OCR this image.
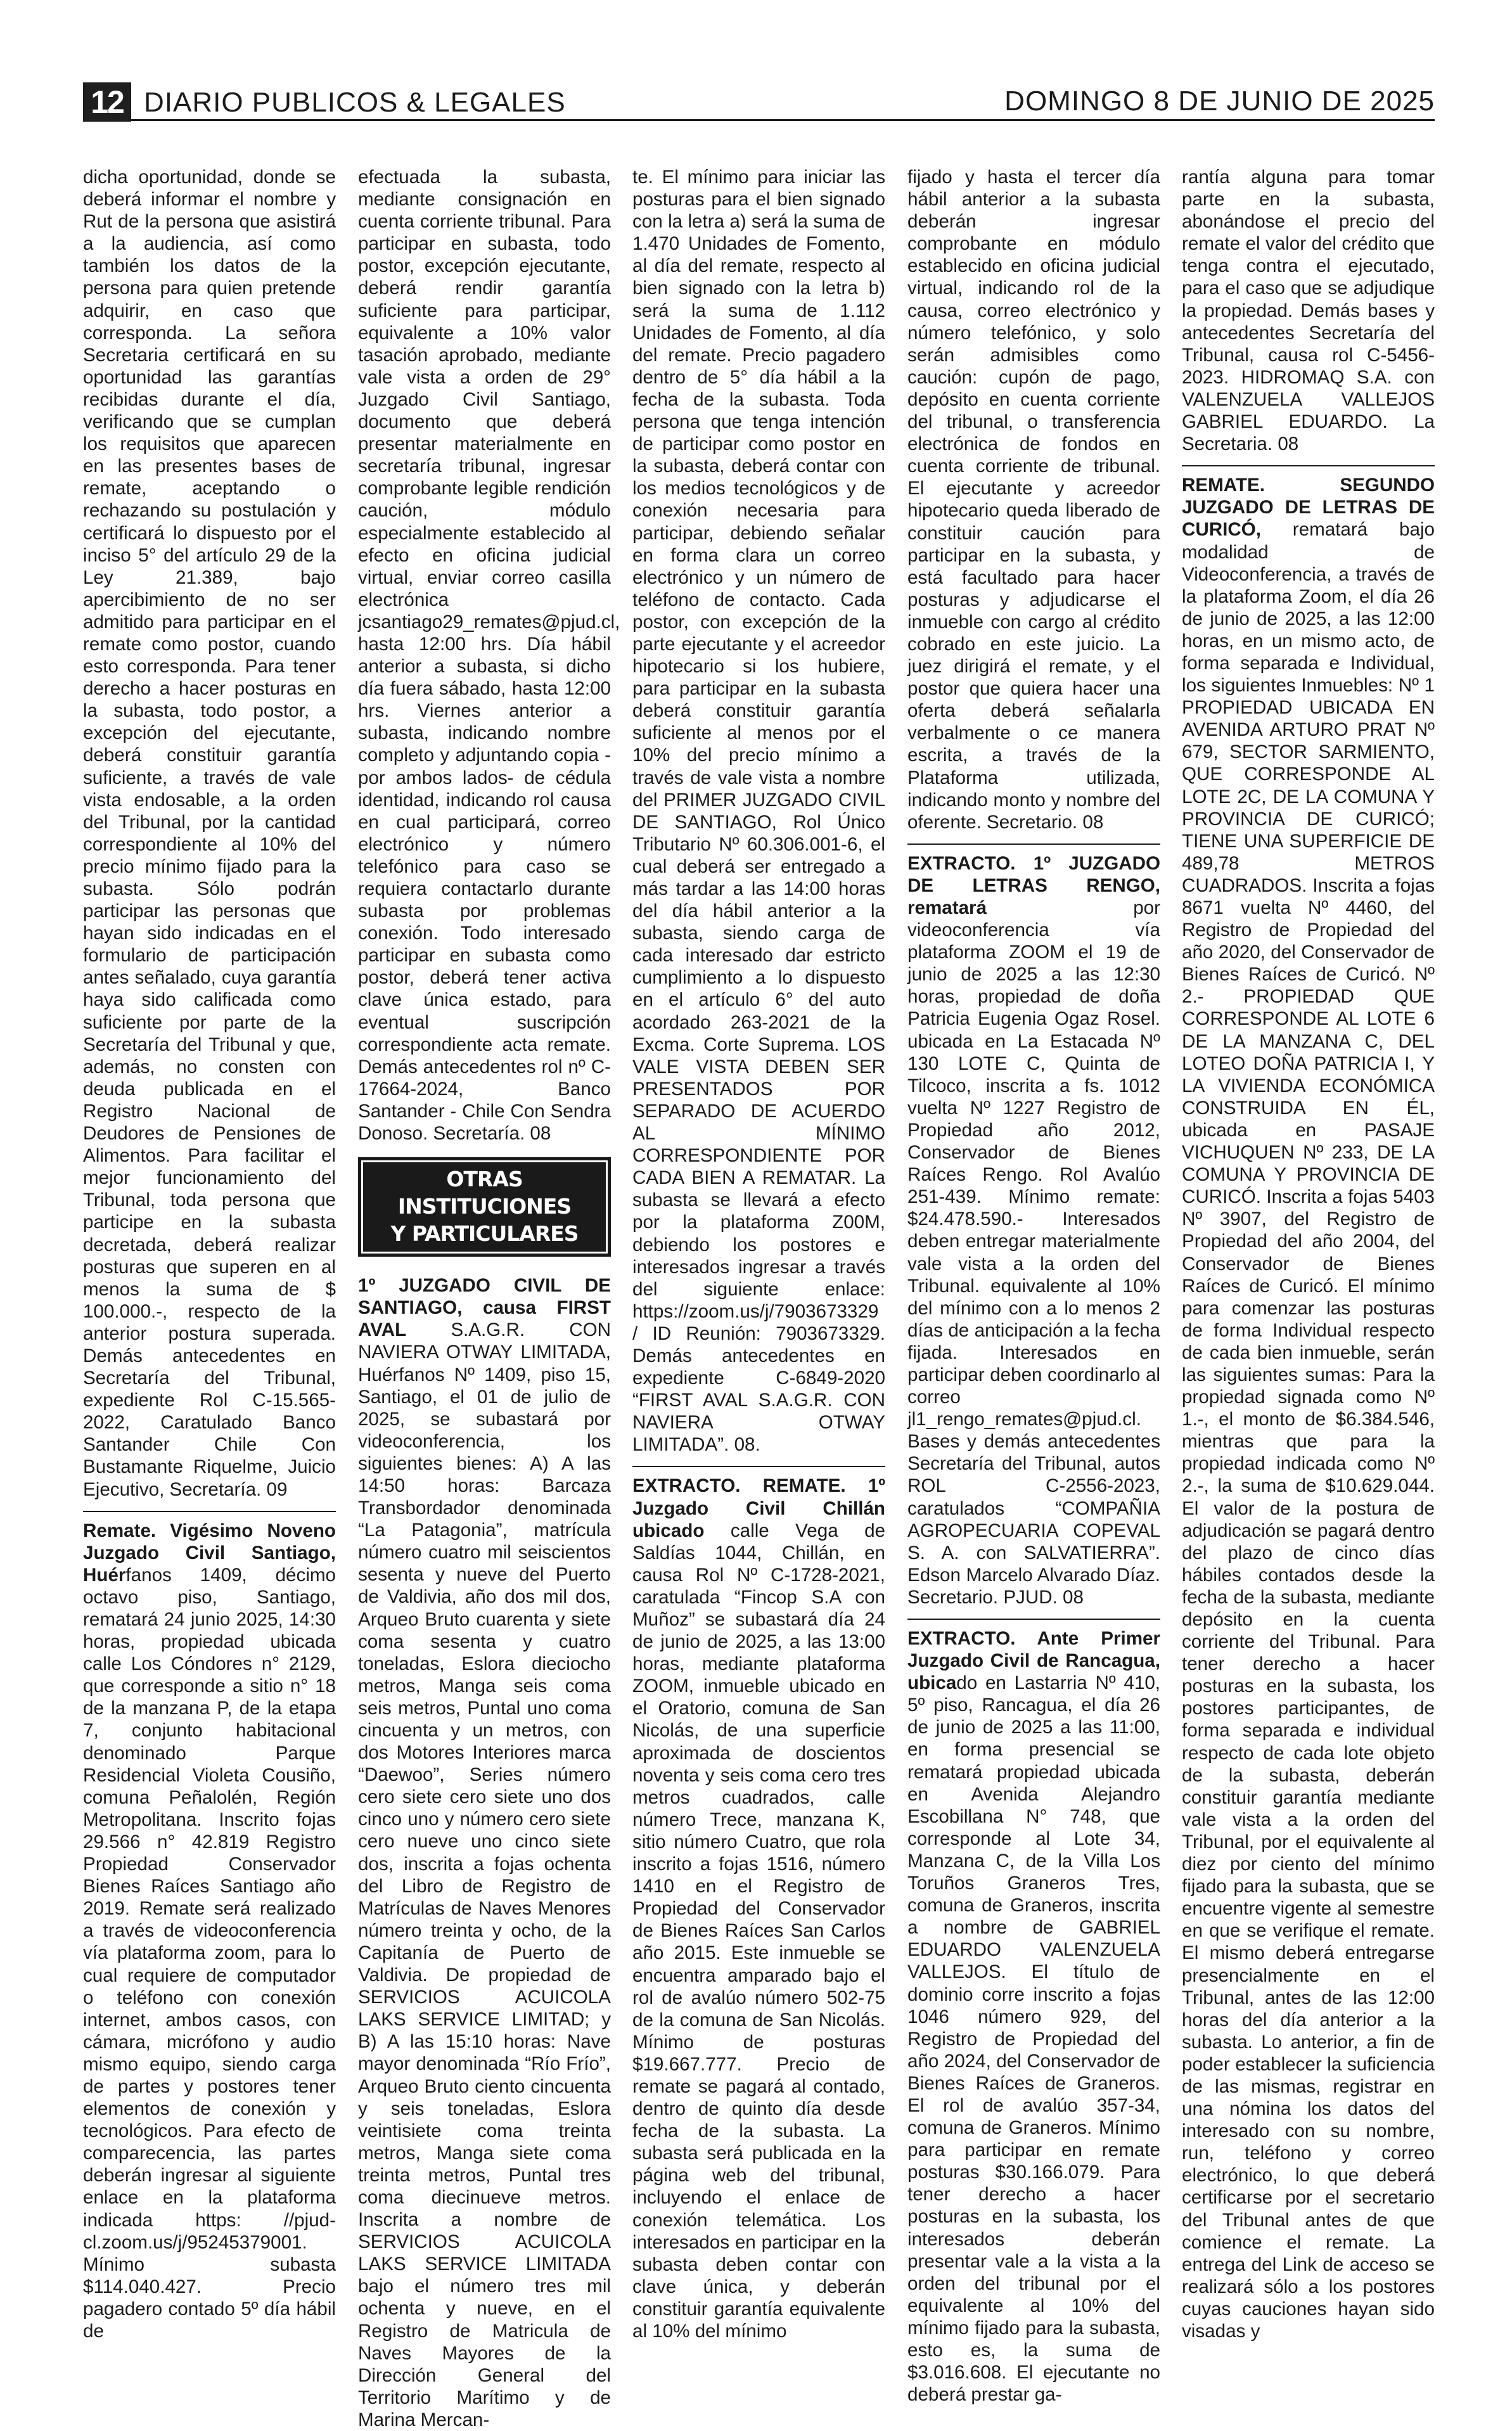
12 DIARIO PUBLICOS & LEGALES	DOMINGO 8 DE JUNIO DE 2025

dicha oportunidad, donde se deberá informar el nombre y Rut de la persona que asistirá a la audiencia, así como también los datos de la persona para quien pretende adquirir, en caso que corresponda. La señora Secretaria certificará en su oportunidad las garantías recibidas durante el día, verificando que se cumplan los requisitos que aparecen en las presentes bases de remate, aceptando o rechazando su postulación y certificará lo dispuesto por el inciso 5° del artículo 29 de la Ley 21.389, bajo apercibimiento de no ser admitido para participar en el remate como postor, cuando esto corresponda. Para tener derecho a hacer posturas en la subasta, todo postor, a excepción del ejecutante, deberá constituir garantía suficiente, a través de vale vista endosable, a la orden del Tribunal, por la cantidad correspondiente al 10% del precio mínimo fijado para la subasta. Sólo podrán participar las personas que hayan sido indicadas en el formulario de participación antes señalado, cuya garantía haya sido calificada como suficiente por parte de la Secretaría del Tribunal y que, además, no consten con deuda publicada en el Registro Nacional de Deudores de Pensiones de Alimentos. Para facilitar el mejor funcionamiento del Tribunal, toda persona que participe en la subasta decretada, deberá realizar posturas que superen en al menos la suma de $ 100.000.-, respecto de la anterior postura superada. Demás antecedentes en Secretaría del Tribunal, expediente Rol C-15.565-2022, Caratulado Banco Santander Chile Con Bustamante Riquelme, Juicio Ejecutivo, Secretaría. 09

Remate. Vigésimo Noveno Juzgado Civil Santiago, Huérfanos 1409, décimo octavo piso, Santiago, rematará 24 junio 2025, 14:30 horas, propiedad ubicada calle Los Cóndores n° 2129, que corresponde a sitio n° 18 de la manzana P, de la etapa 7, conjunto habitacional denominado Parque Residencial Violeta Cousiño, comuna Peñalolén, Región Metropolitana. Inscrito fojas 29.566 n° 42.819 Registro Propiedad Conservador Bienes Raíces Santiago año 2019. Remate será realizado a través de videoconferencia vía plataforma zoom, para lo cual requiere de computador o teléfono con conexión internet, ambos casos, con cámara, micrófono y audio mismo equipo, siendo carga de partes y postores tener elementos de conexión y tecnológicos. Para efecto de comparecencia, las partes deberán ingresar al siguiente enlace en la plataforma indicada https: //pjud-cl.zoom.us/j/95245379001. Mínimo subasta $114.040.427. Precio pagadero contado 5º día hábil de

efectuada la subasta, mediante consignación en cuenta corriente tribunal. Para participar en subasta, todo postor, excepción ejecutante, deberá rendir garantía suficiente para participar, equivalente a 10% valor tasación aprobado, mediante vale vista a orden de 29° Juzgado Civil Santiago, documento que deberá presentar materialmente en secretaría tribunal, ingresar comprobante legible rendición caución, módulo especialmente establecido al efecto en oficina judicial virtual, enviar correo casilla electrónica jcsantiago29_remates@pjud.cl, hasta 12:00 hrs. Día hábil anterior a subasta, si dicho día fuera sábado, hasta 12:00 hrs. Viernes anterior a subasta, indicando nombre completo y adjuntando copia -por ambos lados- de cédula identidad, indicando rol causa en cual participará, correo electrónico y número telefónico para caso se requiera contactarlo durante subasta por problemas conexión. Todo interesado participar en subasta como postor, deberá tener activa clave única estado, para eventual suscripción correspondiente acta remate. Demás antecedentes rol nº C-17664-2024, Banco Santander - Chile Con Sendra Donoso. Secretaría. 08

OTRAS INSTITUCIONES
Y PARTICULARES

1º JUZGADO CIVIL DE SANTIAGO, causa FIRST AVAL S.A.G.R. CON NAVIERA OTWAY LIMITADA, Huérfanos Nº 1409, piso 15, Santiago, el 01 de julio de 2025, se subastará por videoconferencia, los siguientes bienes: A) A las 14:50 horas: Barcaza Transbordador denominada “La Patagonia”, matrícula número cuatro mil seiscientos sesenta y nueve del Puerto de Valdivia, año dos mil dos, Arqueo Bruto cuarenta y siete coma sesenta y cuatro toneladas, Eslora dieciocho metros, Manga seis coma seis metros, Puntal uno coma cincuenta y un metros, con dos Motores Interiores marca “Daewoo”, Series número cero siete cero siete uno dos cinco uno y número cero siete cero nueve uno cinco siete dos, inscrita a fojas ochenta del Libro de Registro de Matrículas de Naves Menores número treinta y ocho, de la Capitanía de Puerto de Valdivia. De propiedad de SERVICIOS ACUICOLA LAKS SERVICE LIMITAD; y B) A las 15:10 horas: Nave mayor denominada “Río Frío”, Arqueo Bruto ciento cincuenta y seis toneladas, Eslora veintisiete coma treinta metros, Manga siete coma treinta metros, Puntal tres coma diecinueve metros. Inscrita a nombre de SERVICIOS ACUICOLA LAKS SERVICE LIMITADA bajo el número tres mil ochenta y nueve, en el Registro de Matricula de Naves Mayores de la Dirección General del Territorio Marítimo y de Marina Mercan-

te. El mínimo para iniciar las posturas para el bien signado con la letra a) será la suma de 1.470 Unidades de Fomento, al día del remate, respecto al bien signado con la letra b) será la suma de 1.112 Unidades de Fomento, al día del remate. Precio pagadero dentro de 5° día hábil a la fecha de la subasta. Toda persona que tenga intención de participar como postor en la subasta, deberá contar con los medios tecnológicos y de conexión necesaria para participar, debiendo señalar en forma clara un correo electrónico y un número de teléfono de contacto. Cada postor, con excepción de la parte ejecutante y el acreedor hipotecario si los hubiere, para participar en la subasta deberá constituir garantía suficiente al menos por el 10% del precio mínimo a través de vale vista a nombre del PRIMER JUZGADO CIVIL DE SANTIAGO, Rol Único Tributario Nº 60.306.001-6, el cual deberá ser entregado a más tardar a las 14:00 horas del día hábil anterior a la subasta, siendo carga de cada interesado dar estricto cumplimiento a lo dispuesto en el artículo 6° del auto acordado 263-2021 de la Excma. Corte Suprema. LOS VALE VISTA DEBEN SER PRESENTADOS POR SEPARADO DE ACUERDO AL MÍNIMO CORRESPONDIENTE POR CADA BIEN A REMATAR. La subasta se llevará a efecto por la plataforma Z00M, debiendo los postores e interesados ingresar a través del siguiente enlace: https://zoom.us/j/7903673329 / ID Reunión: 7903673329. Demás antecedentes en expediente C-6849-2020 “FIRST AVAL S.A.G.R. CON NAVIERA OTWAY LIMITADA”. 08.

EXTRACTO. REMATE. 1º Juzgado Civil Chillán ubicado calle Vega de Saldías 1044, Chillán, en causa Rol Nº C-1728-2021, caratulada “Fincop S.A con Muñoz” se subastará día 24 de junio de 2025, a las 13:00 horas, mediante plataforma ZOOM, inmueble ubicado en el Oratorio, comuna de San Nicolás, de una superficie aproximada de doscientos noventa y seis coma cero tres metros cuadrados, calle número Trece, manzana K, sitio número Cuatro, que rola inscrito a fojas 1516, número 1410 en el Registro de Propiedad del Conservador de Bienes Raíces San Carlos año 2015. Este inmueble se encuentra amparado bajo el rol de avalúo número 502-75 de la comuna de San Nicolás. Mínimo de posturas $19.667.777. Precio de remate se pagará al contado, dentro de quinto día desde fecha de la subasta. La subasta será publicada en la página web del tribunal, incluyendo el enlace de conexión telemática. Los interesados en participar en la subasta deben contar con clave única, y deberán constituir garantía equivalente al 10% del mínimo

fijado y hasta el tercer día hábil anterior a la subasta deberán ingresar comprobante en módulo establecido en oficina judicial virtual, indicando rol de la causa, correo electrónico y número telefónico, y solo serán admisibles como caución: cupón de pago, depósito en cuenta corriente del tribunal, o transferencia electrónica de fondos en cuenta corriente de tribunal. El ejecutante y acreedor hipotecario queda liberado de constituir caución para participar en la subasta, y está facultado para hacer posturas y adjudicarse el inmueble con cargo al crédito cobrado en este juicio. La juez dirigirá el remate, y el postor que quiera hacer una oferta deberá señalarla verbalmente o ce manera escrita, a través de la Plataforma utilizada, indicando monto y nombre del oferente. Secretario. 08

EXTRACTO. 1º JUZGADO DE LETRAS RENGO, rematará por videoconferencia vía plataforma ZOOM el 19 de junio de 2025 a las 12:30 horas, propiedad de doña Patricia Eugenia Ogaz Rosel. ubicada en La Estacada Nº 130 LOTE C, Quinta de Tilcoco, inscrita a fs. 1012 vuelta Nº 1227 Registro de Propiedad año 2012, Conservador de Bienes Raíces Rengo. Rol Avalúo 251-439. Mínimo remate: $24.478.590.- Interesados deben entregar materialmente vale vista a la orden del Tribunal. equivalente al 10% del mínimo con a lo menos 2 días de anticipación a la fecha fijada. Interesados en participar deben coordinarlo al correo jl1_rengo_remates@pjud.cl. Bases y demás antecedentes Secretaría del Tribunal, autos ROL C-2556-2023, caratulados “COMPAÑIA AGROPECUARIA COPEVAL S. A. con SALVATIERRA”. Edson Marcelo Alvarado Díaz. Secretario. PJUD. 08

EXTRACTO. Ante Primer Juzgado Civil de Rancagua, ubicado en Lastarria Nº 410, 5º piso, Rancagua, el día 26 de junio de 2025 a las 11:00, en forma presencial se rematará propiedad ubicada en Avenida Alejandro Escobillana N° 748, que corresponde al Lote 34, Manzana C, de la Villa Los Toruños Graneros Tres, comuna de Graneros, inscrita a nombre de GABRIEL EDUARDO VALENZUELA VALLEJOS. El título de dominio corre inscrito a fojas 1046 número 929, del Registro de Propiedad del año 2024, del Conservador de Bienes Raíces de Graneros. El rol de avalúo 357-34, comuna de Graneros. Mínimo para participar en remate posturas $30.166.079. Para tener derecho a hacer posturas en la subasta, los interesados deberán presentar vale a la vista a la orden del tribunal por el equivalente al 10% del mínimo fijado para la subasta, esto es, la suma de $3.016.608. El ejecutante no deberá prestar ga-

rantía alguna para tomar parte en la subasta, abonándose el precio del remate el valor del crédito que tenga contra el ejecutado, para el caso que se adjudique la propiedad. Demás bases y antecedentes Secretaría del Tribunal, causa rol C-5456-2023. HIDROMAQ S.A. con VALENZUELA VALLEJOS GABRIEL EDUARDO. La Secretaria. 08

REMATE. SEGUNDO JUZGADO DE LETRAS DE CURICÓ, rematará bajo modalidad de Videoconferencia, a través de la plataforma Zoom, el día 26 de junio de 2025, a las 12:00 horas, en un mismo acto, de forma separada e Individual, los siguientes Inmuebles: Nº 1 PROPIEDAD UBICADA EN AVENIDA ARTURO PRAT Nº 679, SECTOR SARMIENTO, QUE CORRESPONDE AL LOTE 2C, DE LA COMUNA Y PROVINCIA DE CURICÓ; TIENE UNA SUPERFICIE DE 489,78 METROS CUADRADOS. Inscrita a fojas 8671 vuelta Nº 4460, del Registro de Propiedad del año 2020, del Conservador de Bienes Raíces de Curicó. Nº 2.- PROPIEDAD QUE CORRESPONDE AL LOTE 6 DE LA MANZANA C, DEL LOTEO DOÑA PATRICIA I, Y LA VIVIENDA ECONÓMICA CONSTRUIDA EN ÉL, ubicada en PASAJE VICHUQUEN Nº 233, DE LA COMUNA Y PROVINCIA DE CURICÓ. Inscrita a fojas 5403 Nº 3907, del Registro de Propiedad del año 2004, del Conservador de Bienes Raíces de Curicó. El mínimo para comenzar las posturas de forma Individual respecto de cada bien inmueble, serán las siguientes sumas: Para la propiedad signada como Nº 1.-, el monto de $6.384.546, mientras que para la propiedad indicada como Nº 2.-, la suma de $10.629.044. El valor de la postura de adjudicación se pagará dentro del plazo de cinco días hábiles contados desde la fecha de la subasta, mediante depósito en la cuenta corriente del Tribunal. Para tener derecho a hacer posturas en la subasta, los postores participantes, de forma separada e individual respecto de cada lote objeto de la subasta, deberán constituir garantía mediante vale vista a la orden del Tribunal, por el equivalente al diez por ciento del mínimo fijado para la subasta, que se encuentre vigente al semestre en que se verifique el remate. El mismo deberá entregarse presencialmente en el Tribunal, antes de las 12:00 horas del día anterior a la subasta. Lo anterior, a fin de poder establecer la suficiencia de las mismas, registrar en una nómina los datos del interesado con su nombre, run, teléfono y correo electrónico, lo que deberá certificarse por el secretario del Tribunal antes de que comience el remate. La entrega del Link de acceso se realizará sólo a los postores cuyas cauciones hayan sido visadas y
